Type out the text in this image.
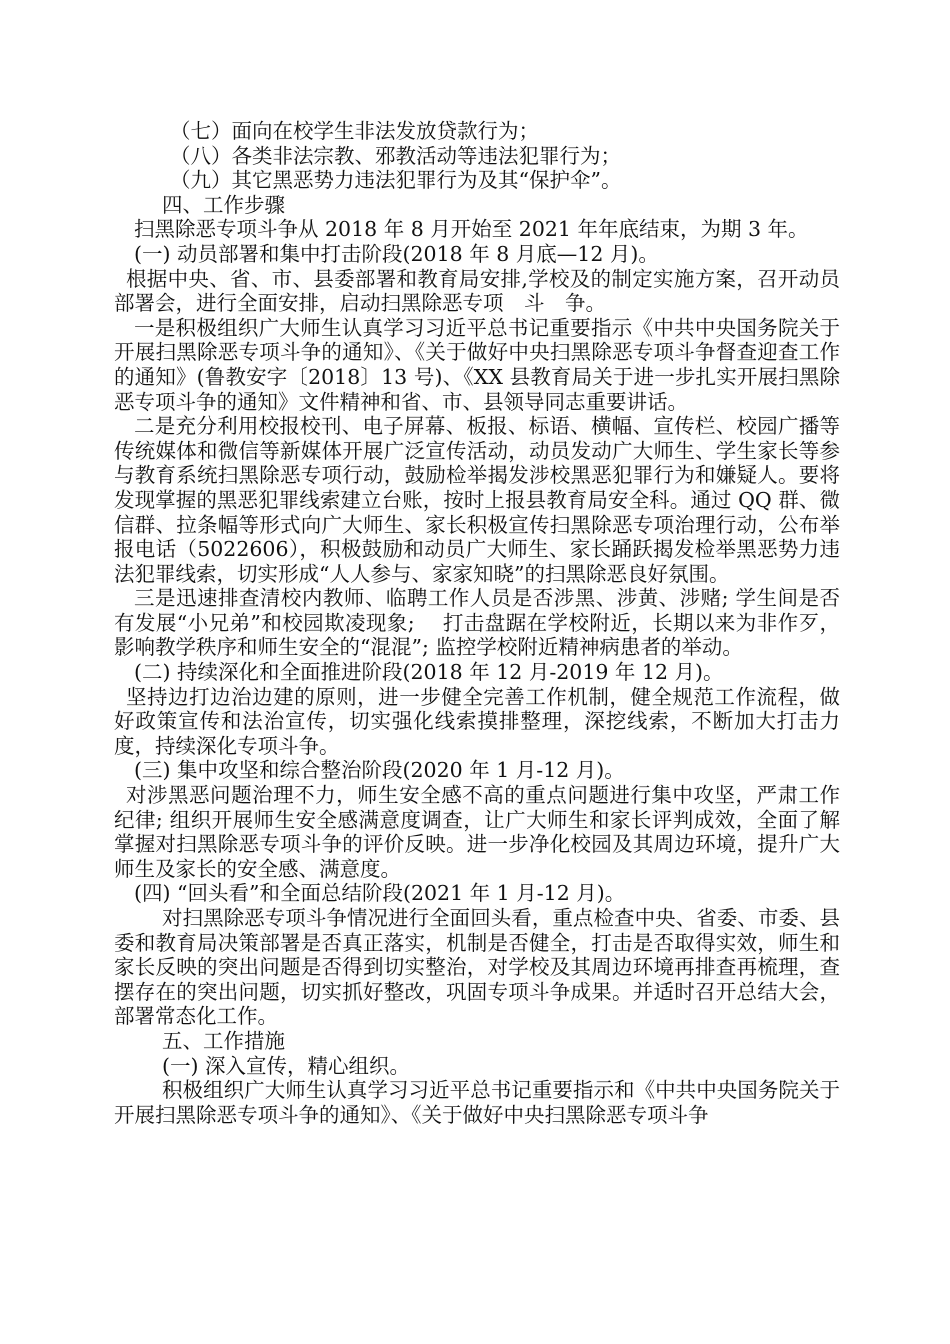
（七）面向在校学生非法发放贷款行为；

（八）各类非法宗教、邪教活动等违法犯罪行为；

（九）其它黑恶势力违法犯罪行为及其“保护伞”。

四、工作步骤

扫黑除恶专项斗争从 2018 年 8 月开始至 2021 年年底结束，为期 3 年。

(一) 动员部署和集中打击阶段(2018 年 8 月底—12 月)。

根据中央、省、市、县委部署和教育局安排,学校及的制定实施方案，召开动员部署会，进行全面安排，启动扫黑除恶专项　斗　争。

一是积极组织广大师生认真学习习近平总书记重要指示《中共中央国务院关于开展扫黑除恶专项斗争的通知》、《关于做好中央扫黑除恶专项斗争督查迎查工作的通知》(鲁教安字〔2018〕13 号)、《XX 县教育局关于进一步扎实开展扫黑除恶专项斗争的通知》文件精神和省、市、县领导同志重要讲话。

二是充分利用校报校刊、电子屏幕、板报、标语、横幅、宣传栏、校园广播等传统媒体和微信等新媒体开展广泛宣传活动，动员发动广大师生、学生家长等参与教育系统扫黑除恶专项行动，鼓励检举揭发涉校黑恶犯罪行为和嫌疑人。要将发现掌握的黑恶犯罪线索建立台账，按时上报县教育局安全科。通过 QQ 群、微信群、拉条幅等形式向广大师生、家长积极宣传扫黑除恶专项治理行动，公布举报电话（5022606），积极鼓励和动员广大师生、家长踊跃揭发检举黑恶势力违法犯罪线索，切实形成“人人参与、家家知晓”的扫黑除恶良好氛围。

三是迅速排查清校内教师、临聘工作人员是否涉黑、涉黄、涉赌; 学生间是否有发展“小兄弟”和校园欺凌现象;　 打击盘踞在学校附近，长期以来为非作歹，影响教学秩序和师生安全的“混混”; 监控学校附近精神病患者的举动。

(二) 持续深化和全面推进阶段(2018 年 12 月-2019 年 12 月)。

坚持边打边治边建的原则，进一步健全完善工作机制，健全规范工作流程，做好政策宣传和法治宣传，切实强化线索摸排整理，深挖线索，不断加大打击力度，持续深化专项斗争。

(三) 集中攻坚和综合整治阶段(2020 年 1 月-12 月)。

对涉黑恶问题治理不力，师生安全感不高的重点问题进行集中攻坚，严肃工作纪律; 组织开展师生安全感满意度调查，让广大师生和家长评判成效，全面了解掌握对扫黑除恶专项斗争的评价反映。进一步净化校园及其周边环境，提升广大师生及家长的安全感、满意度。

(四) “回头看”和全面总结阶段(2021 年 1 月-12 月)。

对扫黑除恶专项斗争情况进行全面回头看，重点检查中央、省委、市委、县委和教育局决策部署是否真正落实，机制是否健全，打击是否取得实效，师生和家长反映的突出问题是否得到切实整治，对学校及其周边环境再排查再梳理，查摆存在的突出问题，切实抓好整改，巩固专项斗争成果。并适时召开总结大会，部署常态化工作。

五、工作措施

(一) 深入宣传，精心组织。

积极组织广大师生认真学习习近平总书记重要指示和《中共中央国务院关于开展扫黑除恶专项斗争的通知》、《关于做好中央扫黑除恶专项斗争
